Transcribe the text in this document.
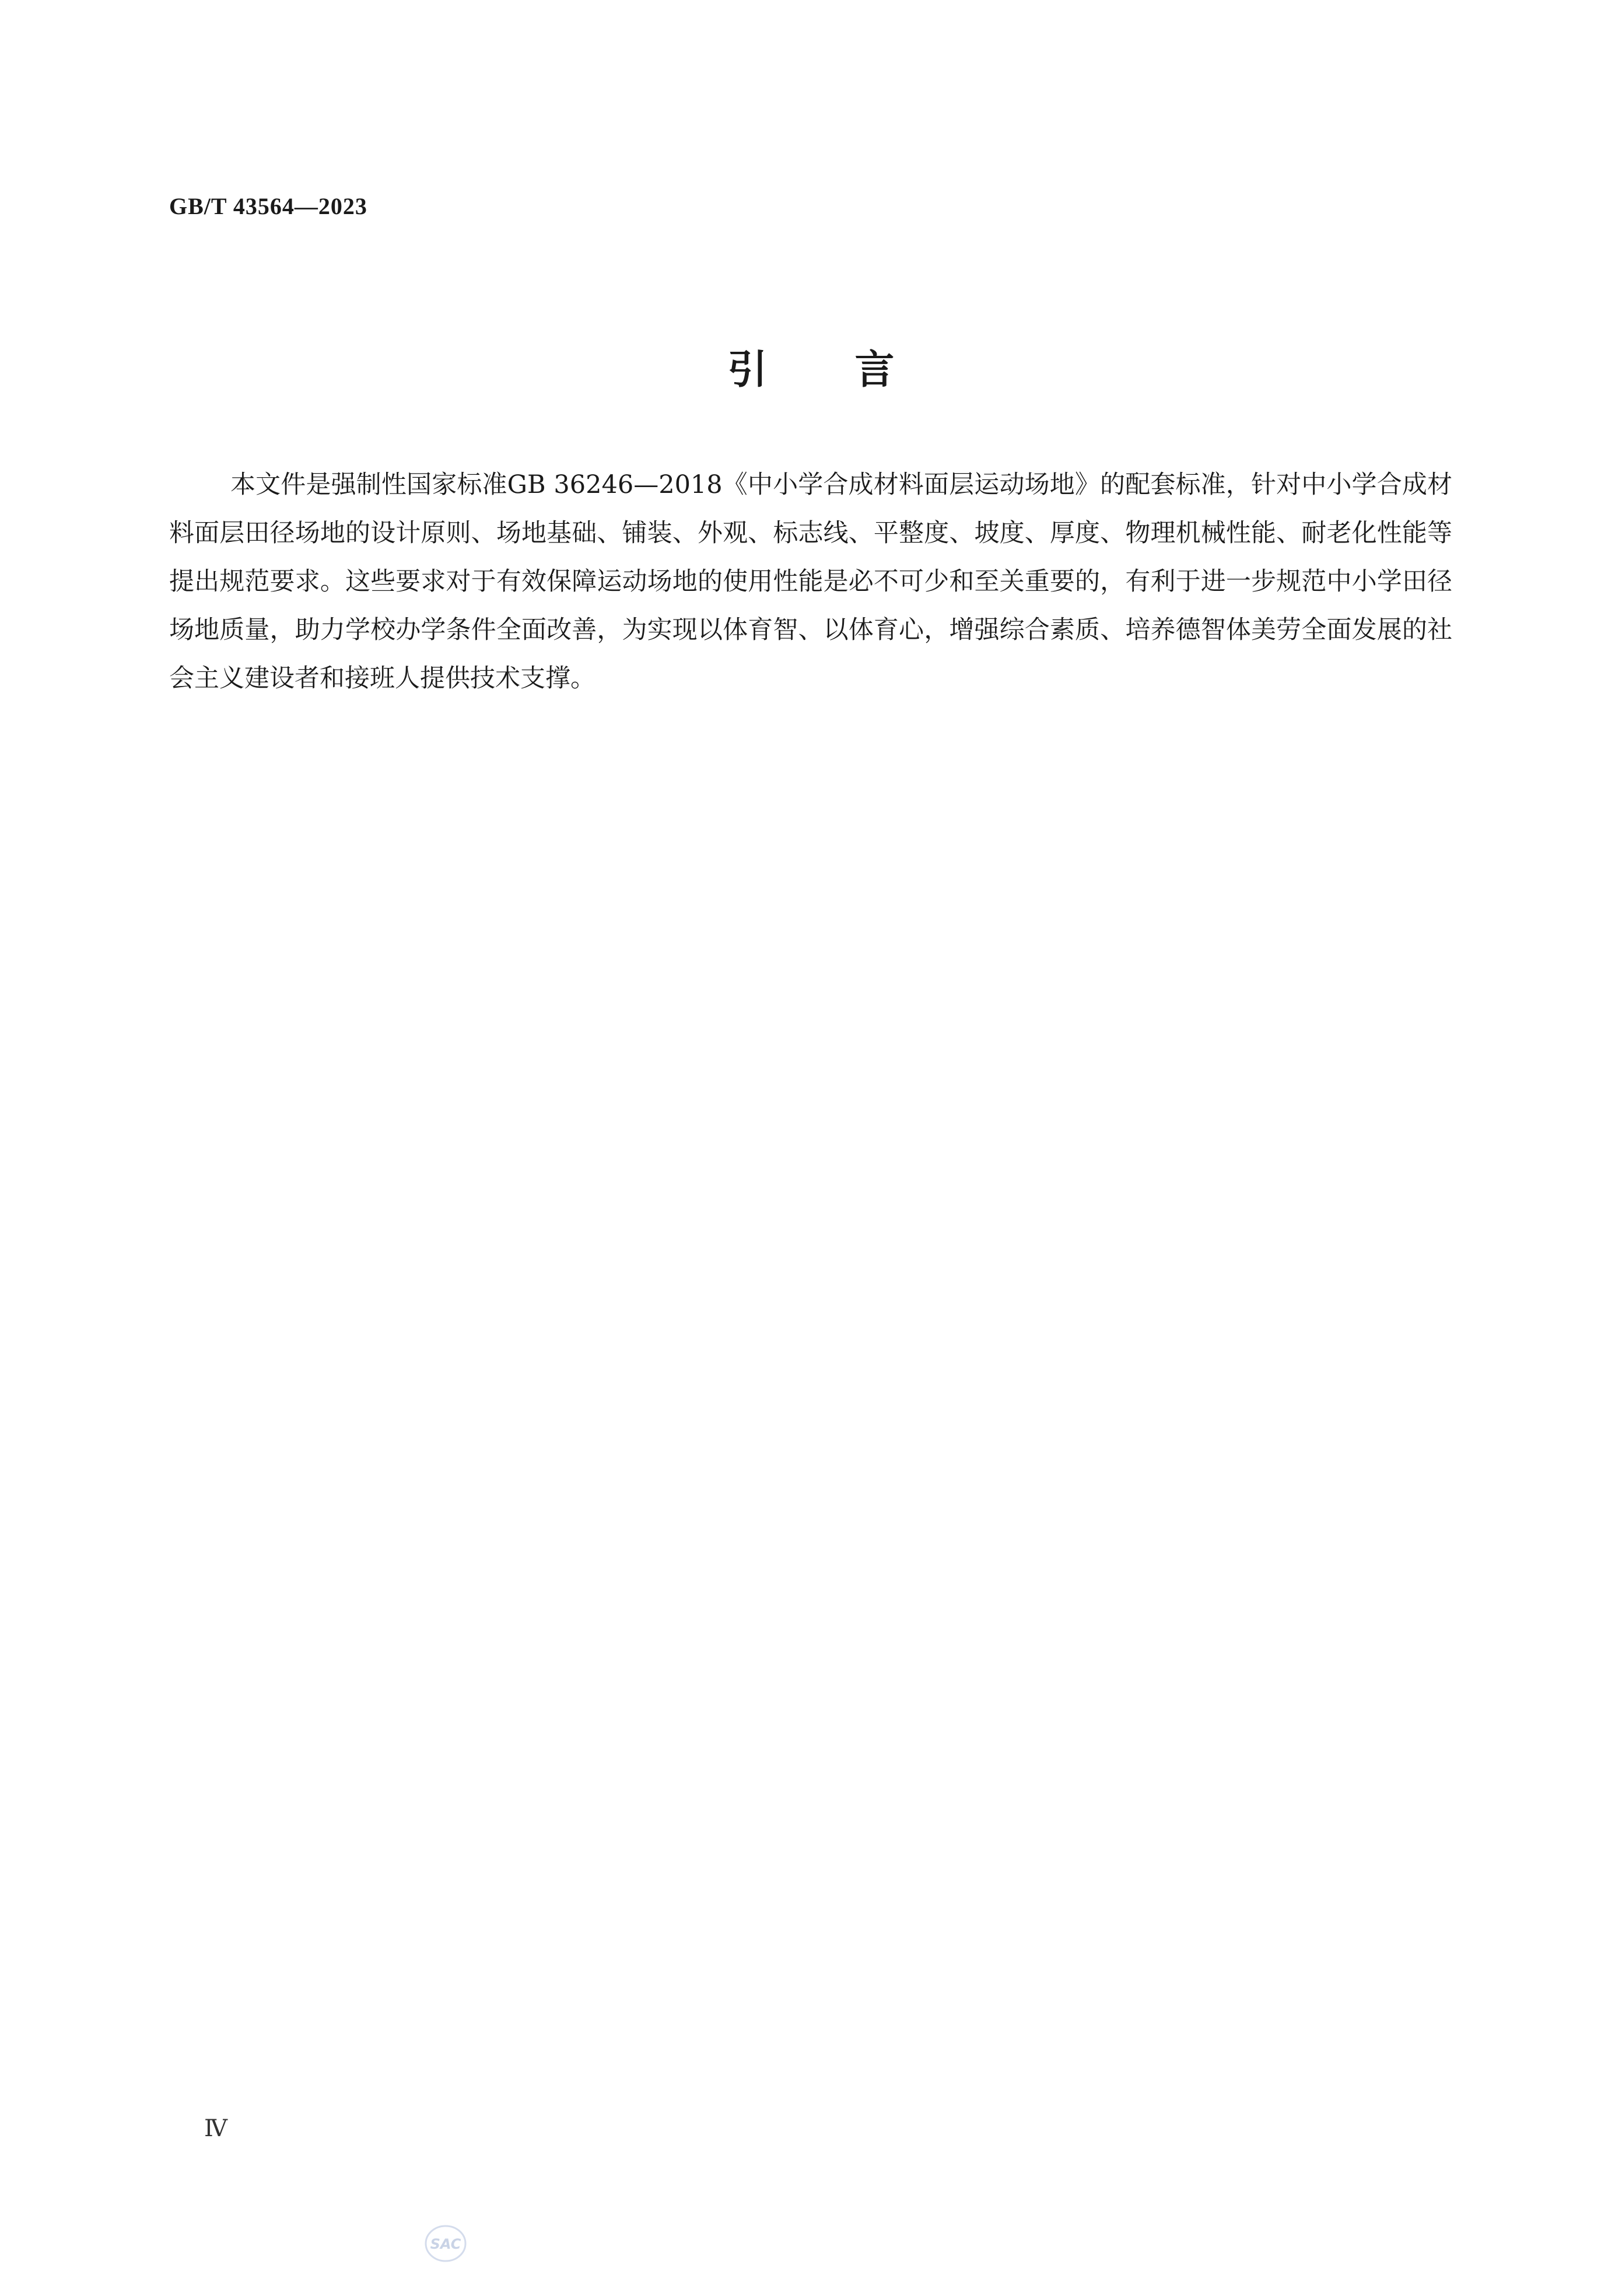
GB/T 43564—2023
引言

本文件是强制性国家标准GB 36246—2018《中小学合成材料面层运动场地》的配套标准，针对中小学合成材料面层田径场地的设计原则、场地基础、铺装、外观、标志线、平整度、坡度、厚度、物理机械性能、耐老化性能等提出规范要求。这些要求对于有效保障运动场地的使用性能是必不可少和至关重要的，有利于进一步规范中小学田径场地质量，助力学校办学条件全面改善，为实现以体育智、以体育心，增强综合素质、培养德智体美劳全面发展的社会主义建设者和接班人提供技术支撑。

Ⅳ
SAC
